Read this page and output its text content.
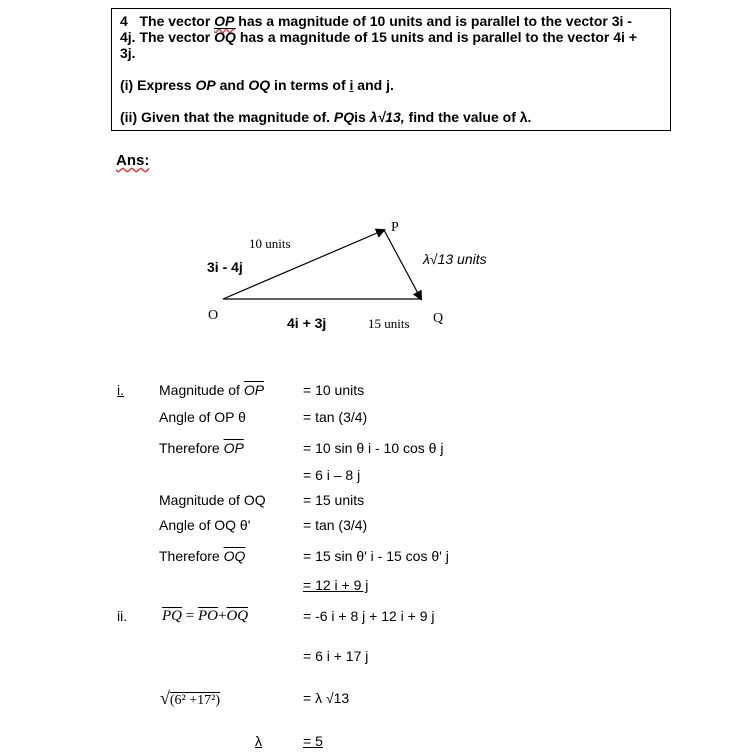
4 The vector OP has a magnitude of 10 units and is parallel to the vector 3i -

4j. The vector $\overline{OQ}$ has a magnitude of 15 units and is parallel to the vector 4i +

3j.

(i) Express OP and OQ in terms of i and j.

(ii) Given that the magnitude of. PQis λ√13, find the value of λ.

Ans:
P
O	Q
10 units
3i - 4j
4i + 3j	15 units
λ√13 units
i.	Magnitude of $\overline{OP}$	= 10 units
Angle of OP θ	= tan (3/4)
Therefore $\overline{OP}$	= 10 sin θ i - 10 cos θ j
= 6 i – 8 j
Magnitude of OQ	= 15 units
Angle of OQ θ'	= tan (3/4)
Therefore $\overline{OQ}$	= 15 sin θ' i - 15 cos θ' j
= 12 i + 9 j
ii. $\overline{PQ} = \overline{PO}+\overline{OQ}$	= -6 i + 8 j + 12 i + 9 j
= 6 i + 17 j
√(6² +17²)	= λ √13
λ	= 5
